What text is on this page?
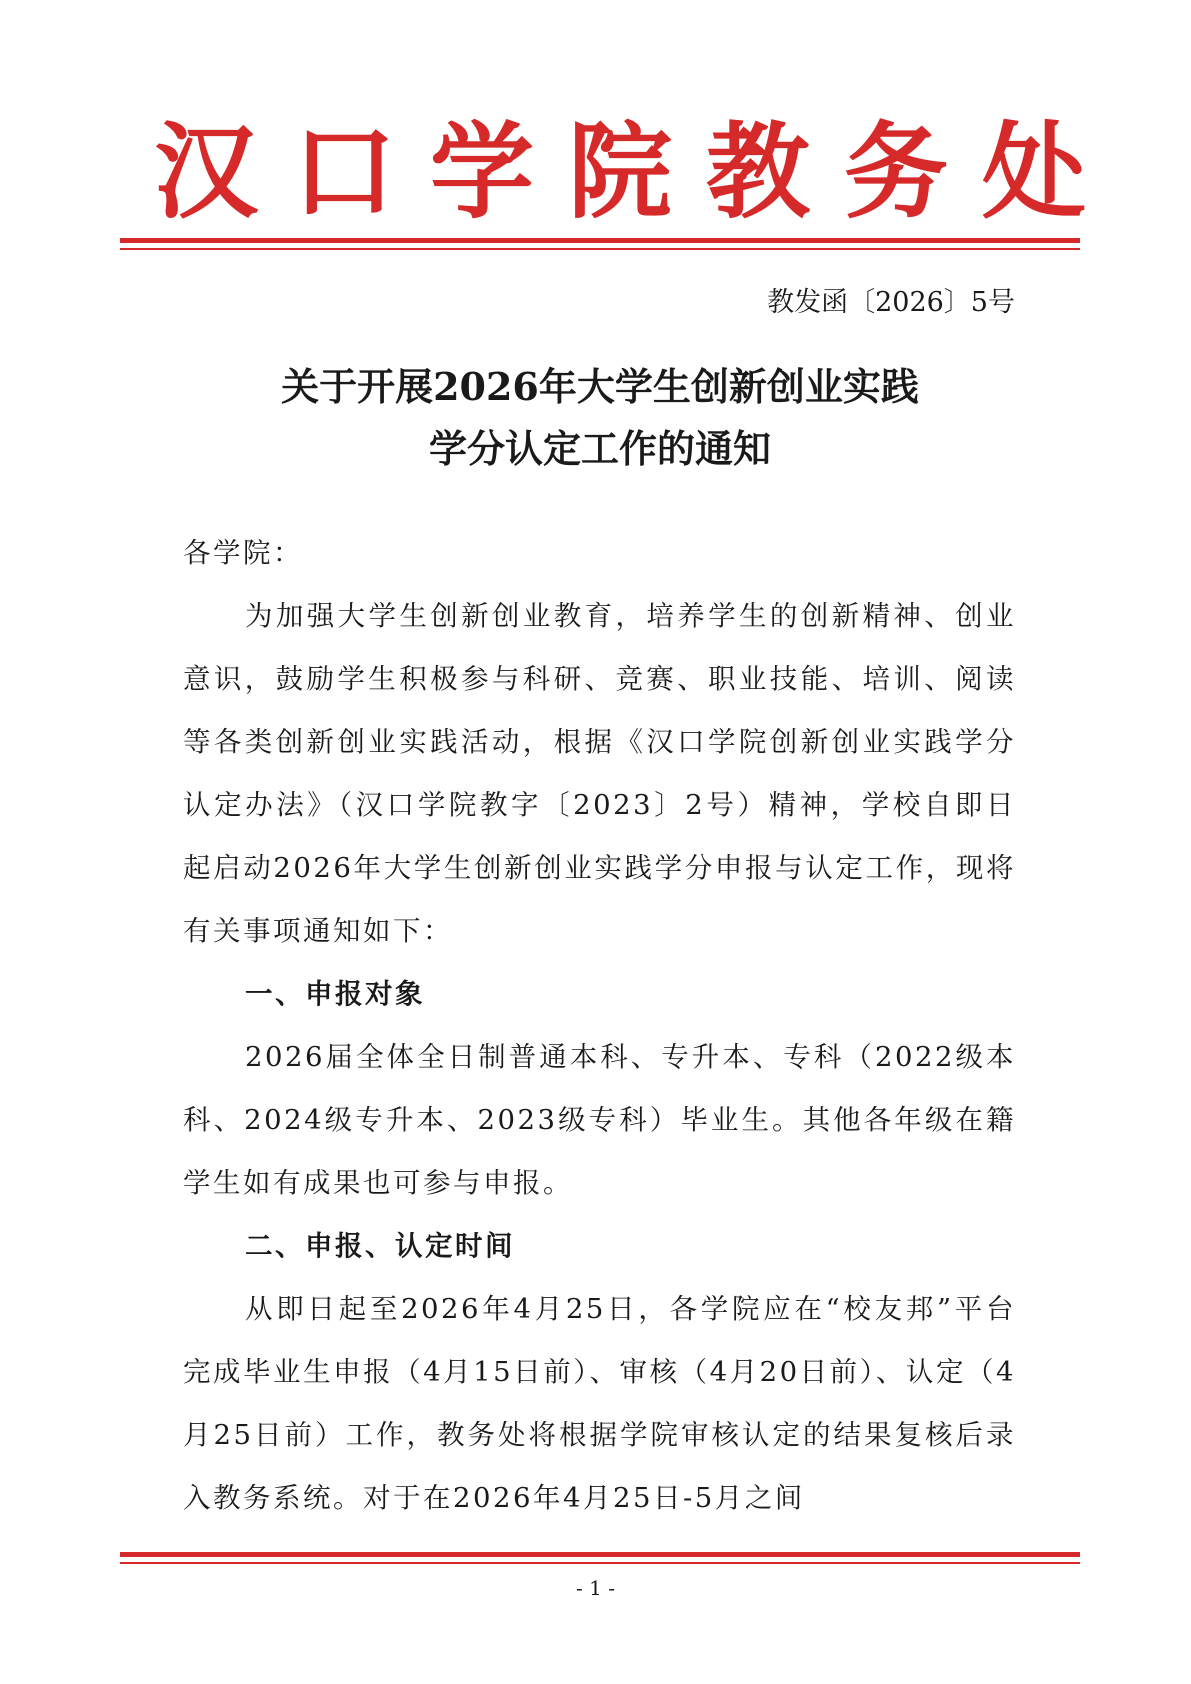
汉口学院教务处
教发函〔2026〕5号
关于开展2026年大学生创新创业实践
学分认定工作的通知

各学院：

为加强大学生创新创业教育，培养学生的创新精神、创业意识，鼓励学生积极参与科研、竞赛、职业技能、培训、阅读等各类创新创业实践活动，根据《汉口学院创新创业实践学分认定办法》（汉口学院教字〔2023〕2号）精神，学校自即日起启动2026年大学生创新创业实践学分申报与认定工作，现将有关事项通知如下：

一、申报对象

2026届全体全日制普通本科、专升本、专科（2022级本科、2024级专升本、2023级专科）毕业生。其他各年级在籍学生如有成果也可参与申报。

二、申报、认定时间

从即日起至2026年4月25日，各学院应在“校友邦”平台完成毕业生申报（4月15日前）、审核（4月20日前）、认定（4月25日前）工作，教务处将根据学院审核认定的结果复核后录入教务系统。对于在2026年4月25日-5月之间

- 1 -
